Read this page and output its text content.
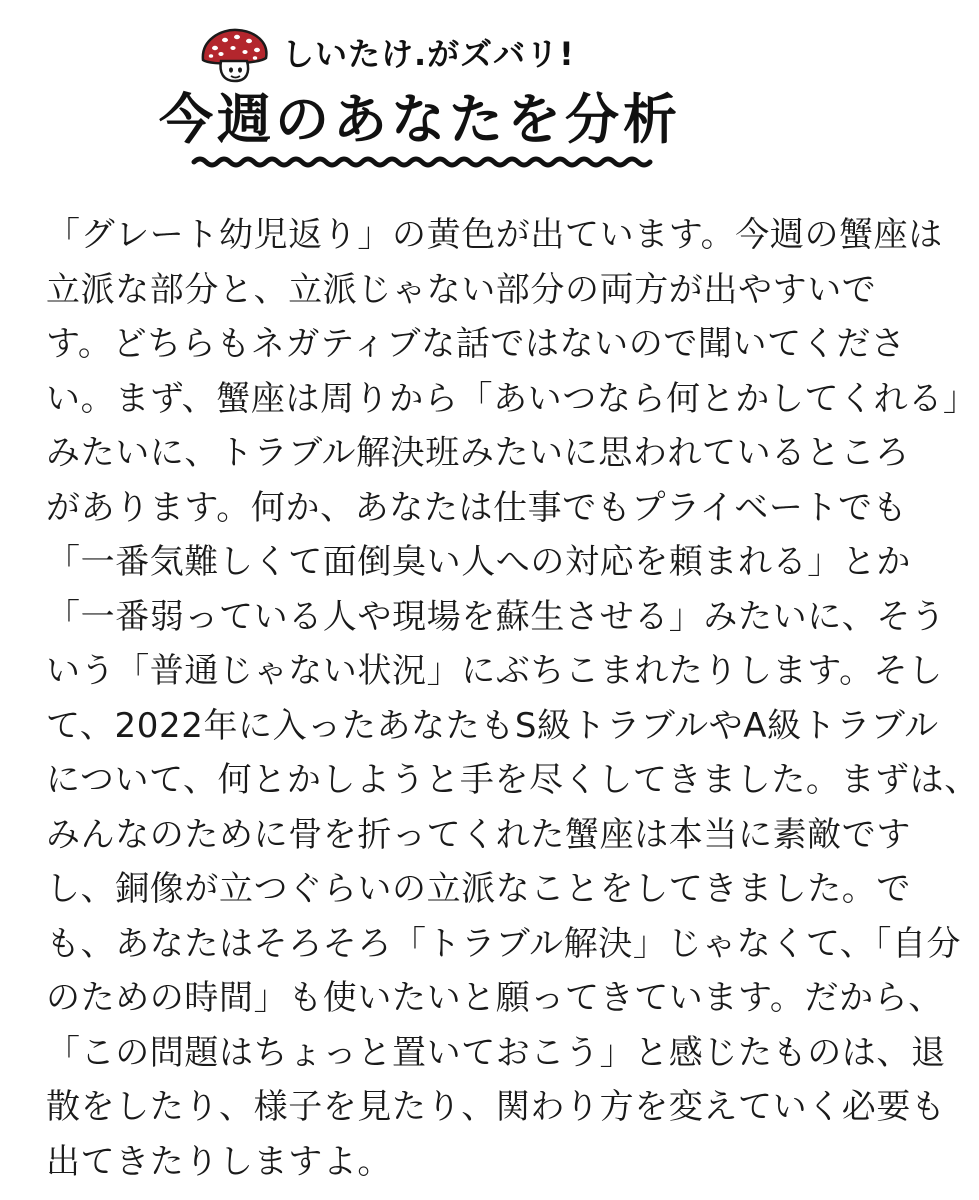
しいたけ.がズバリ!
今週のあなたを分析
「グレート幼児返り」の黄色が出ています。今週の蟹座は
立派な部分と、立派じゃない部分の両方が出やすいで
す。どちらもネガティブな話ではないので聞いてくださ
い。まず、蟹座は周りから「あいつなら何とかしてくれる」
みたいに、トラブル解決班みたいに思われているところ
があります。何か、あなたは仕事でもプライベートでも
「一番気難しくて面倒臭い人への対応を頼まれる」とか
「一番弱っている人や現場を蘇生させる」みたいに、そう
いう「普通じゃない状況」にぶちこまれたりします。そし
て、2022年に入ったあなたもS級トラブルやA級トラブル
について、何とかしようと手を尽くしてきました。まずは、
みんなのために骨を折ってくれた蟹座は本当に素敵です
し、銅像が立つぐらいの立派なことをしてきました。で
も、あなたはそろそろ「トラブル解決」じゃなくて、「自分
のための時間」も使いたいと願ってきています。だから、
「この問題はちょっと置いておこう」と感じたものは、退
散をしたり、様子を見たり、関わり方を変えていく必要も
出てきたりしますよ。
